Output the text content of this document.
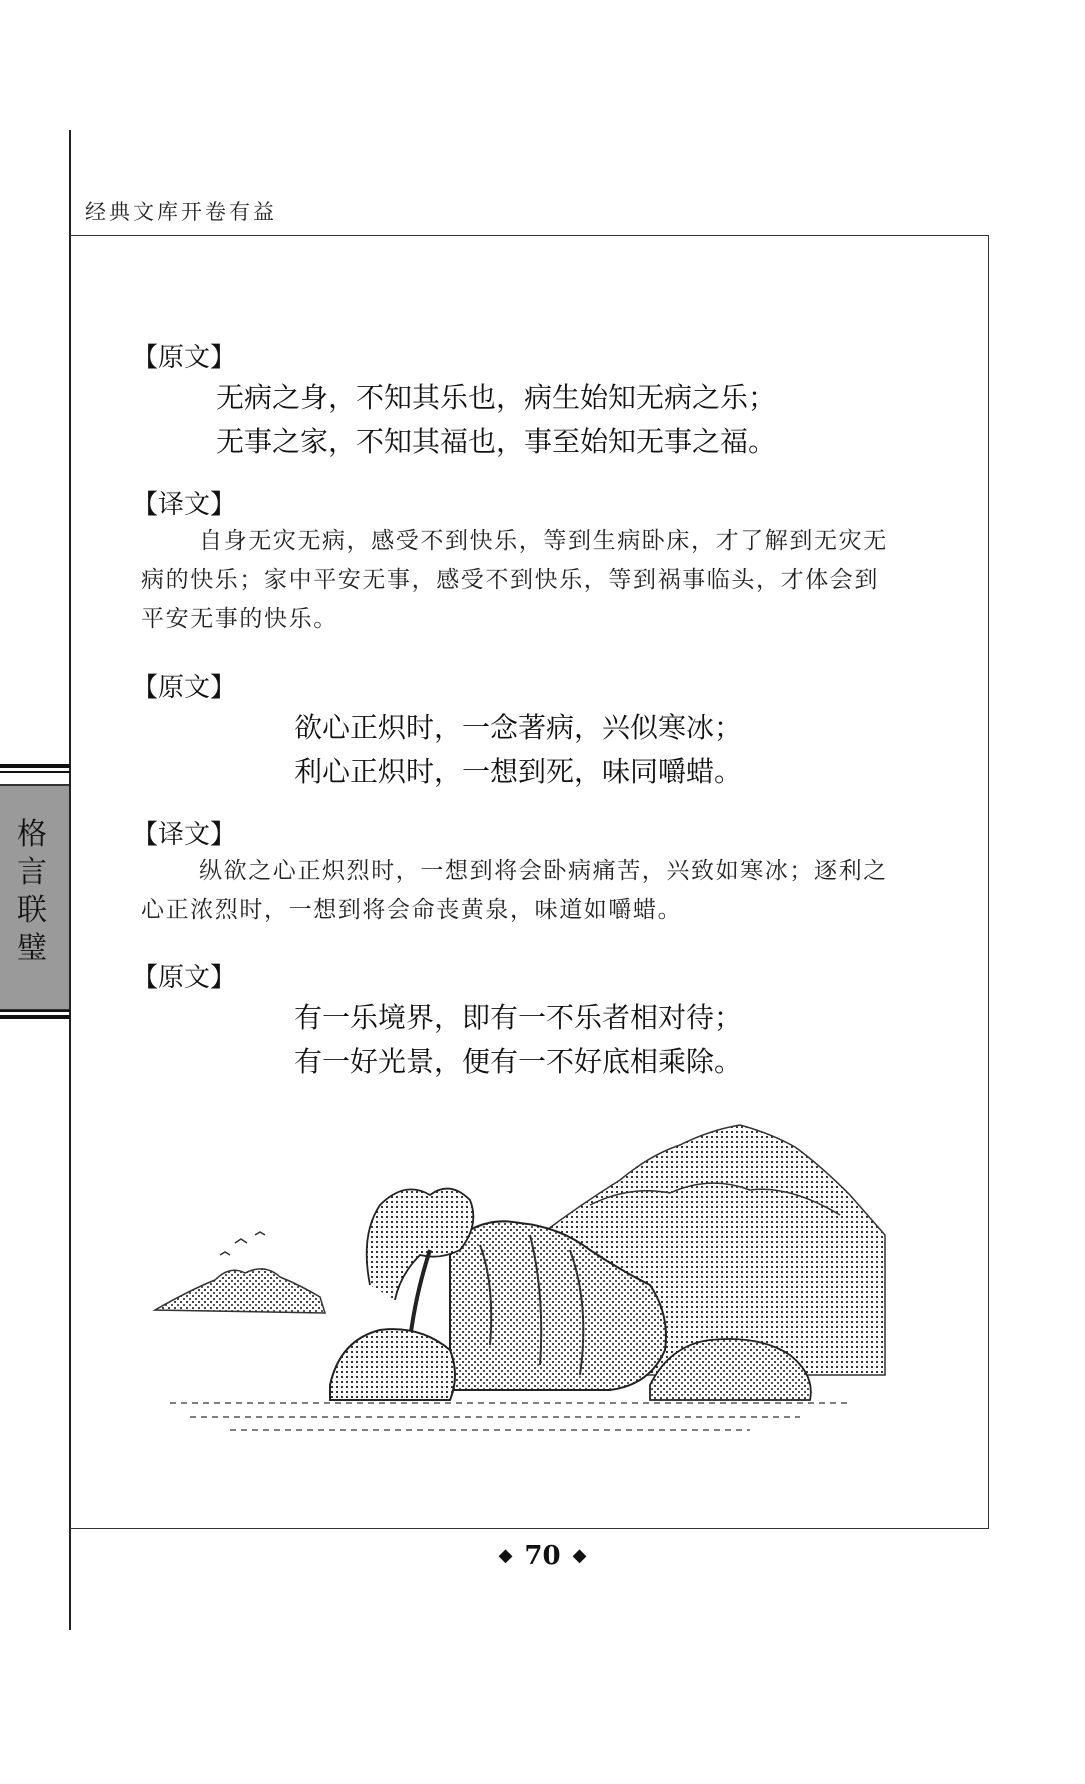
经典文库开卷有益
格
言
联
璧
【原文】
无病之身，不知其乐也，病生始知无病之乐；
无事之家，不知其福也，事至始知无事之福。
【译文】
自身无灾无病，感受不到快乐，等到生病卧床，才了解到无灾无病的快乐；家中平安无事，感受不到快乐，等到祸事临头，才体会到平安无事的快乐。
【原文】
欲心正炽时，一念著病，兴似寒冰；
利心正炽时，一想到死，味同嚼蜡。
【译文】
纵欲之心正炽烈时，一想到将会卧病痛苦，兴致如寒冰；逐利之心正浓烈时，一想到将会命丧黄泉，味道如嚼蜡。
【原文】
有一乐境界，即有一不乐者相对待；
有一好光景，便有一不好底相乘除。
◆ 70 ◆
